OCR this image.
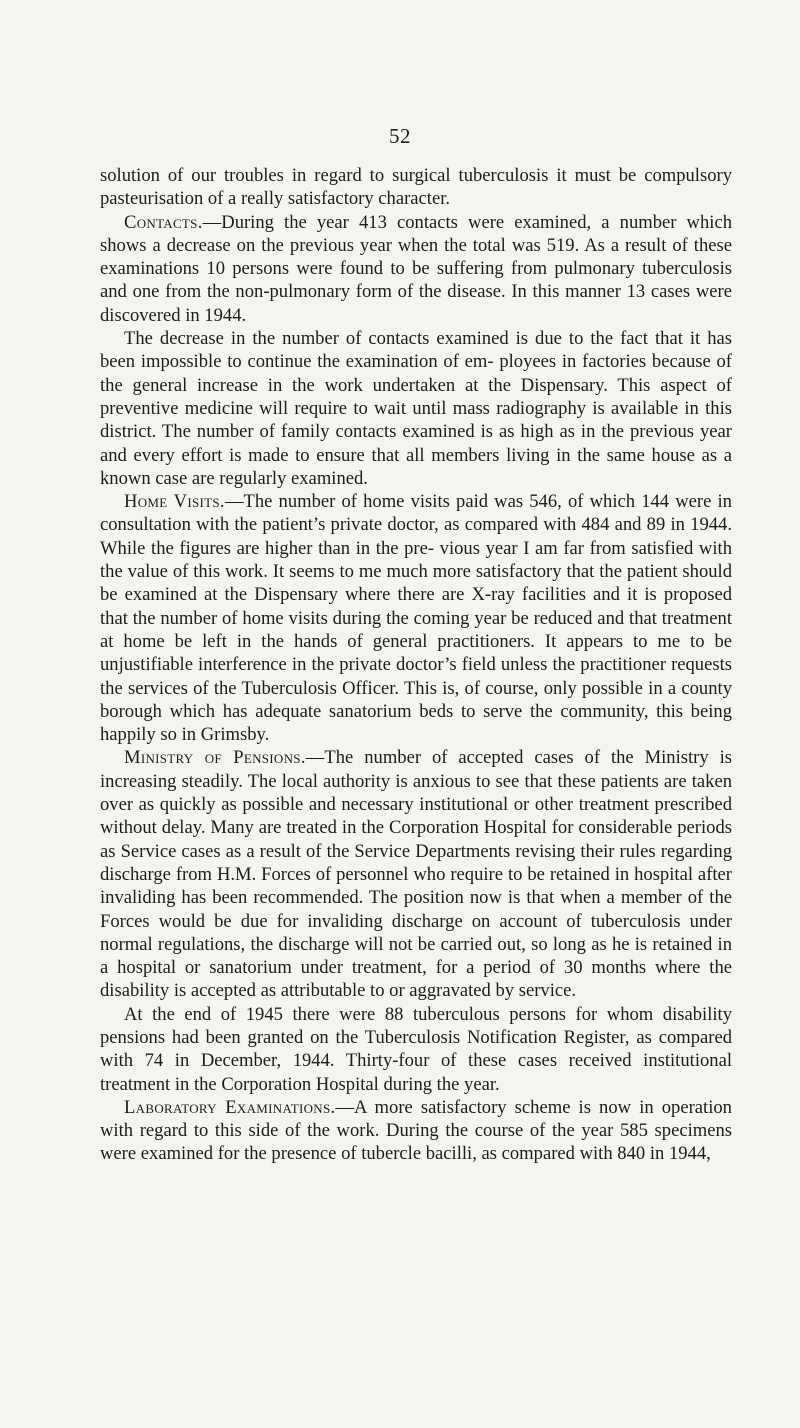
52

solution of our troubles in regard to surgical tuberculosis it must be compulsory pasteurisation of a really satisfactory character.

Contacts.—During the year 413 contacts were examined, a number which shows a decrease on the previous year when the total was 519. As a result of these examinations 10 persons were found to be suffering from pulmonary tuberculosis and one from the non-pulmonary form of the disease. In this manner 13 cases were discovered in 1944.

The decrease in the number of contacts examined is due to the fact that it has been impossible to continue the examination of em- ployees in factories because of the general increase in the work undertaken at the Dispensary. This aspect of preventive medicine will require to wait until mass radiography is available in this district. The number of family contacts examined is as high as in the previous year and every effort is made to ensure that all members living in the same house as a known case are regularly examined.

Home Visits.—The number of home visits paid was 546, of which 144 were in consultation with the patient’s private doctor, as compared with 484 and 89 in 1944. While the figures are higher than in the pre- vious year I am far from satisfied with the value of this work. It seems to me much more satisfactory that the patient should be examined at the Dispensary where there are X-ray facilities and it is proposed that the number of home visits during the coming year be reduced and that treatment at home be left in the hands of general practitioners. It appears to me to be unjustifiable interference in the private doctor’s field unless the practitioner requests the services of the Tuberculosis Officer. This is, of course, only possible in a county borough which has adequate sanatorium beds to serve the community, this being happily so in Grimsby.

Ministry of Pensions.—The number of accepted cases of the Ministry is increasing steadily. The local authority is anxious to see that these patients are taken over as quickly as possible and necessary institutional or other treatment prescribed without delay. Many are treated in the Corporation Hospital for considerable periods as Service cases as a result of the Service Departments revising their rules regarding discharge from H.M. Forces of personnel who require to be retained in hospital after invaliding has been recommended. The position now is that when a member of the Forces would be due for invaliding discharge on account of tuberculosis under normal regulations, the discharge will not be carried out, so long as he is retained in a hospital or sanatorium under treatment, for a period of 30 months where the disability is accepted as attributable to or aggravated by service.

At the end of 1945 there were 88 tuberculous persons for whom disability pensions had been granted on the Tuberculosis Notification Register, as compared with 74 in December, 1944. Thirty-four of these cases received institutional treatment in the Corporation Hospital during the year.

Laboratory Examinations.—A more satisfactory scheme is now in operation with regard to this side of the work. During the course of the year 585 specimens were examined for the presence of tubercle bacilli, as compared with 840 in 1944,
